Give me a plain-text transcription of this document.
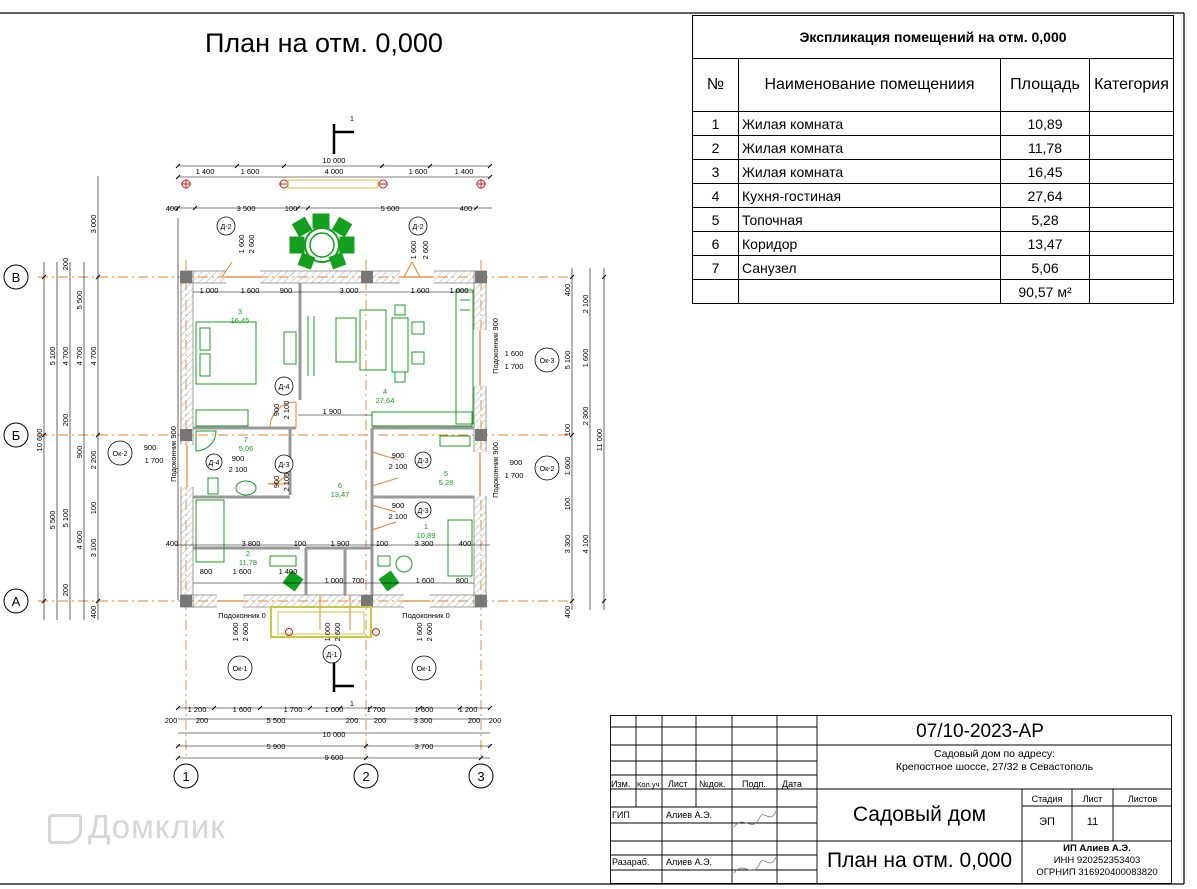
План на отм. 0,000
1
1
В
Б
А
1	2	3
Д-2	Д-2
Д-4
Д-3
Д-4	Д-3
Д-3
Д-1
Ок-2
Ок-2
Ок-3
Ок-1	Ок-1
3
16,45
4
27,64
7
5,06
6
13,47
5
5,28
1
10,89
2
11,78
10 000
1 400	1 600	4 000	1 600	1 400
400	3 500	100	5 600	400
1 000	1 600	900	3 000	1 600	1 000
1 900
900
2 100
900
2 100
900
2 100
400	3 800	100	1 900	100	3 300	400
800	1 600	1 400
1 000 700	1 600	800
1 200	1 600	1 700	1 000	1 700	1 600	1 200
200 200	5 500	200 200	3 300	200 200
10 000
5 900	3 700
9 600
900
1 700
1 600
1 700
900
1 700
Подоконник 0	Подоконник 0
10 600
5 100
5 500
200
4 700
200
5 100
200
5 500
4 700
900 2 200
100
4 600 3 100
400
3 000
4 700
11 000
400
2 100
1 600
5 100
2 300
100
1 600
100
3 300 4 100
400
1 600 2 600	1 600 2 600
900 2 100
900 2 100
1 600 2 600	1 000 2 600	1 600 2 600
Подоконник 900
Подоконник 900
Подоконник 900
Экспликация помещений на отм. 0,000			
№	Наименование помещениия	Площадь	Категория
1	Жилая комната	10,89	
2	Жилая комната	11,78	
3	Жилая комната	16,45	
4	Кухня-гостиная	27,64	
5	Топочная	5,28	
6	Коридор	13,47	
7	Санузел	5,06	
		90,57 м²	
07/10-2023-АР
Садовый дом по адресу:
Крепостное шоссе, 27/32 в Севастополь
Изм. Кол.уч Лист №док. Подп. Дата
ГИП	Алиев А.Э.
Разараб. Алиев А.Э.
Садовый дом
План на отм. 0,000
Стадия	Лист	Листов
ЭП	11
ИП Алиев А.Э.
ИНН 920252353403
ОГРНИП 316920400083820
Домклик
